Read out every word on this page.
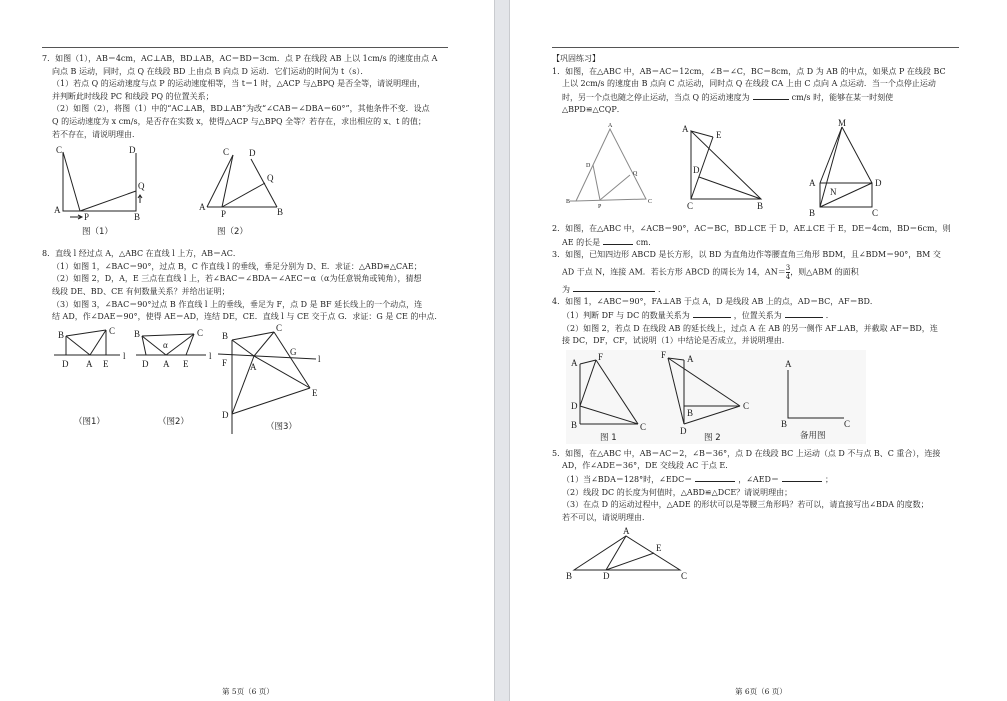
7．如图（1），AB＝4cm，AC⊥AB，BD⊥AB，AC＝BD＝3cm．点 P 在线段 AB 上以 1cm/s 的速度由点 A

向点 B 运动，同时，点 Q 在线段 BD 上由点 B 向点 D 运动．它们运动的时间为 t（s）．

（1）若点 Q 的运动速度与点 P 的运动速度相等，当 t＝1 时，△ACP 与△BPQ 是否全等，请说明理由，

并判断此时线段 PC 和线段 PQ 的位置关系；

（2）如图（2），将图（1）中的“AC⊥AB，BD⊥AB”为改“∠CAB＝∠DBA＝60°”，其他条件不变．设点

Q 的运动速度为 x cm/s，是否存在实数 x，使得△ACP 与△BPQ 全等？若存在，求出相应的 x、t 的值；

若不存在，请说明理由．

C	D
Q
A
P	B
图（1）
C D
Q
A
P	B
图（2）

8．直线 l 经过点 A，△ABC 在直线 l 上方，AB＝AC．

（1）如图 1，∠BAC＝90°，过点 B，C 作直线 l 的垂线，垂足分别为 D、E．求证：△ABD≌△CAE；

（2）如图 2，D，A，E 三点在直线 l 上，若∠BAC＝∠BDA＝∠AEC＝α（α为任意锐角或钝角），猜想

线段 DE、BD、CE 有何数量关系？并给出证明；

（3）如图 3，∠BAC＝90°过点 B 作直线 l 上的垂线，垂足为 F，点 D 是 BF 延长线上的一个动点，连

结 AD，作∠DAE＝90°，使得 AE＝AD，连结 DE，CE．直线 l 与 CE 交于点 G．求证：G 是 CE 的中点．

B	C
D A E
l
（图1）
B	C
α
D A E
l
（图2）
B
C
F	A
G
l
E
D
（图3）
第 5页（6 页）

【巩固练习】

1．如图，在△ABC 中，AB＝AC＝12cm，∠B＝∠C，BC＝8cm，点 D 为 AB 的中点，如果点 P 在线段 BC

上以 2cm/s 的速度由 B 点向 C 点运动，同时点 Q 在线段 CA 上由 C 点向 A 点运动．当一个点停止运动

时，另一个点也随之停止运动，当点 Q 的运动速度为	cm/s 时，能够在某一时刻使

△BPD≌△CQP．

A
D
Q
B
P
C
A
E
D
C	B
M
A	D
N
B	C

2．如图，在△ABC 中，∠ACB＝90°，AC＝BC，BD⊥CE 于 D，AE⊥CE 于 E，DE＝4cm，BD＝6cm，则

AE 的长是	cm．

3．如图，已知四边形 ABCD 是长方形，以 BD 为直角边作等腰直角三角形 BDM，且∠BDM＝90°，BM 交

AD 于点 N，连接 AM．若长方形 ABCD 的周长为 14，$AN= \frac{3}{4}$ ，则△ABM 的面积

为	．

4．如图 1，∠ABC＝90°，FA⊥AB 于点 A，D 是线段 AB 上的点，AD＝BC，AF＝BD．

（1）判断 DF 与 DC 的数量关系为	，位置关系为	．

（2）如图 2，若点 D 在线段 AB 的延长线上，过点 A 在 AB 的另一侧作 AF⊥AB，并截取 AF＝BD，连

接 DC，DF，CF，试说明（1）中结论是否成立，并说明理由．

A
F
D
B	C
图 1
F A
B
C
D
图 2
A
B	C
备用图

5．如图，在△ABC 中，AB＝AC＝2，∠B＝36°，点 D 在线段 BC 上运动（点 D 不与点 B、C 重合），连接

AD，作∠ADE＝36°，DE 交线段 AC 于点 E．

（1）当∠BDA＝128°时，∠EDC＝	，∠AED＝	；

（2）线段 DC 的长度为何值时，△ABD≌△DCE？请说明理由；

（3）在点 D 的运动过程中，△ADE 的形状可以是等腰三角形吗？若可以，请直接写出∠BDA 的度数；

若不可以，请说明理由．

A
E
B	D	C
第 6页（6 页）
